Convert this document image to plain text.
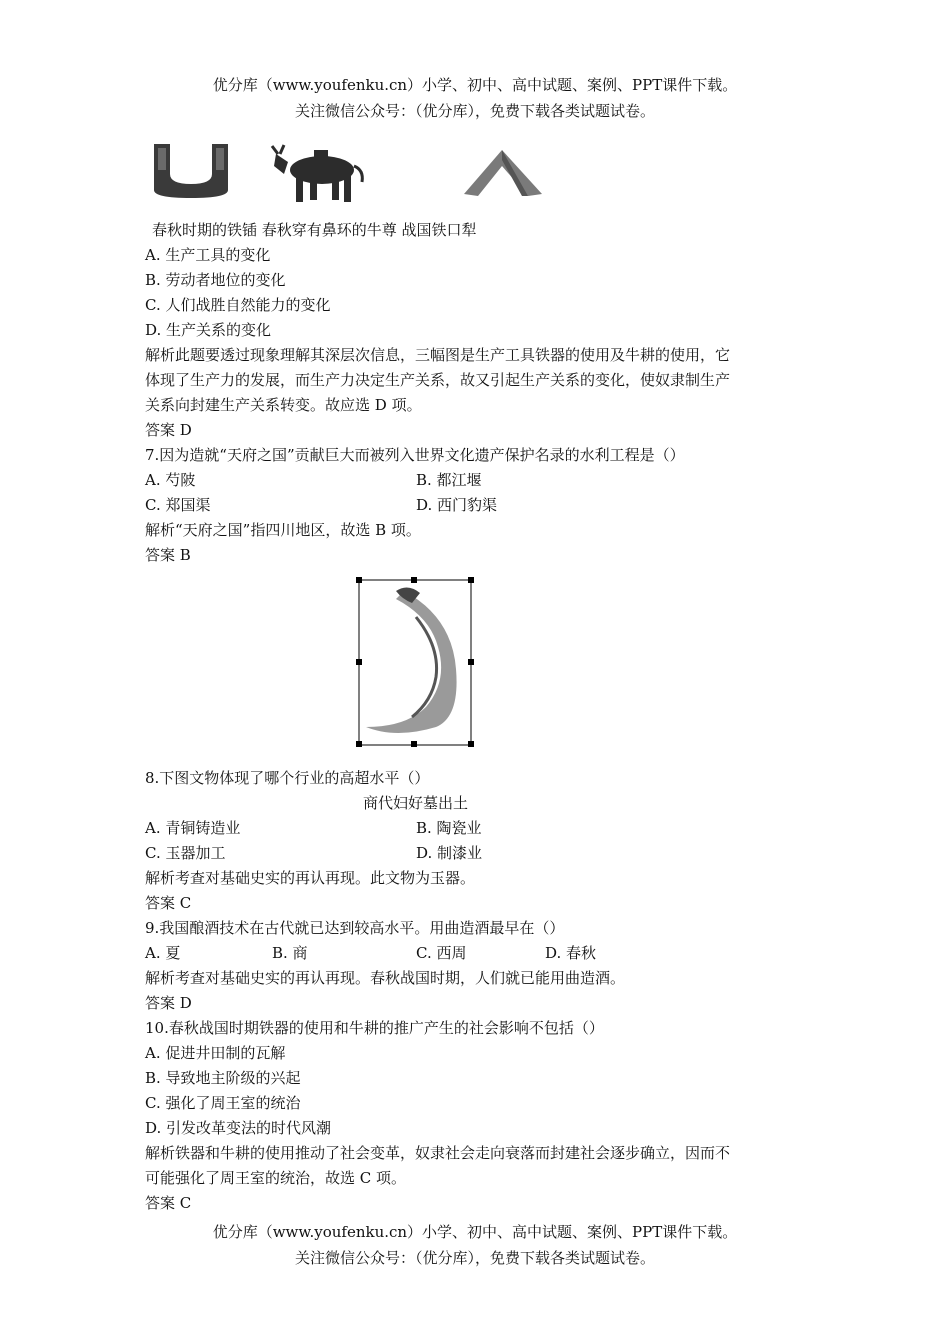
优分库（www.youfenku.cn）小学、初中、高中试题、案例、PPT课件下载。
关注微信公众号：（优分库），免费下载各类试题试卷。
春秋时期的铁锸 春秋穿有鼻环的牛尊 战国铁口犁
A. 生产工具的变化
B. 劳动者地位的变化
C. 人们战胜自然能力的变化
D. 生产关系的变化
解析此题要透过现象理解其深层次信息，三幅图是生产工具铁器的使用及牛耕的使用，它
体现了生产力的发展，而生产力决定生产关系，故又引起生产关系的变化，使奴隶制生产
关系向封建生产关系转变。故应选 D 项。
答案 D
7.因为造就“天府之国”贡献巨大而被列入世界文化遗产保护名录的水利工程是（）
A. 芍陂	B. 都江堰
C. 郑国渠	D. 西门豹渠
解析“天府之国”指四川地区，故选 B 项。
答案 B
8.下图文物体现了哪个行业的高超水平（）
商代妇好墓出土
A. 青铜铸造业	B. 陶瓷业
C. 玉器加工	D. 制漆业
解析考查对基础史实的再认再现。此文物为玉器。
答案 C
9.我国酿酒技术在古代就已达到较高水平。用曲造酒最早在（）
A. 夏	B. 商	C. 西周	D. 春秋
解析考查对基础史实的再认再现。春秋战国时期，人们就已能用曲造酒。
答案 D
10.春秋战国时期铁器的使用和牛耕的推广产生的社会影响不包括（）
A. 促进井田制的瓦解
B. 导致地主阶级的兴起
C. 强化了周王室的统治
D. 引发改革变法的时代风潮
解析铁器和牛耕的使用推动了社会变革，奴隶社会走向衰落而封建社会逐步确立，因而不
可能强化了周王室的统治，故选 C 项。
答案 C
优分库（www.youfenku.cn）小学、初中、高中试题、案例、PPT课件下载。
关注微信公众号：（优分库），免费下载各类试题试卷。
